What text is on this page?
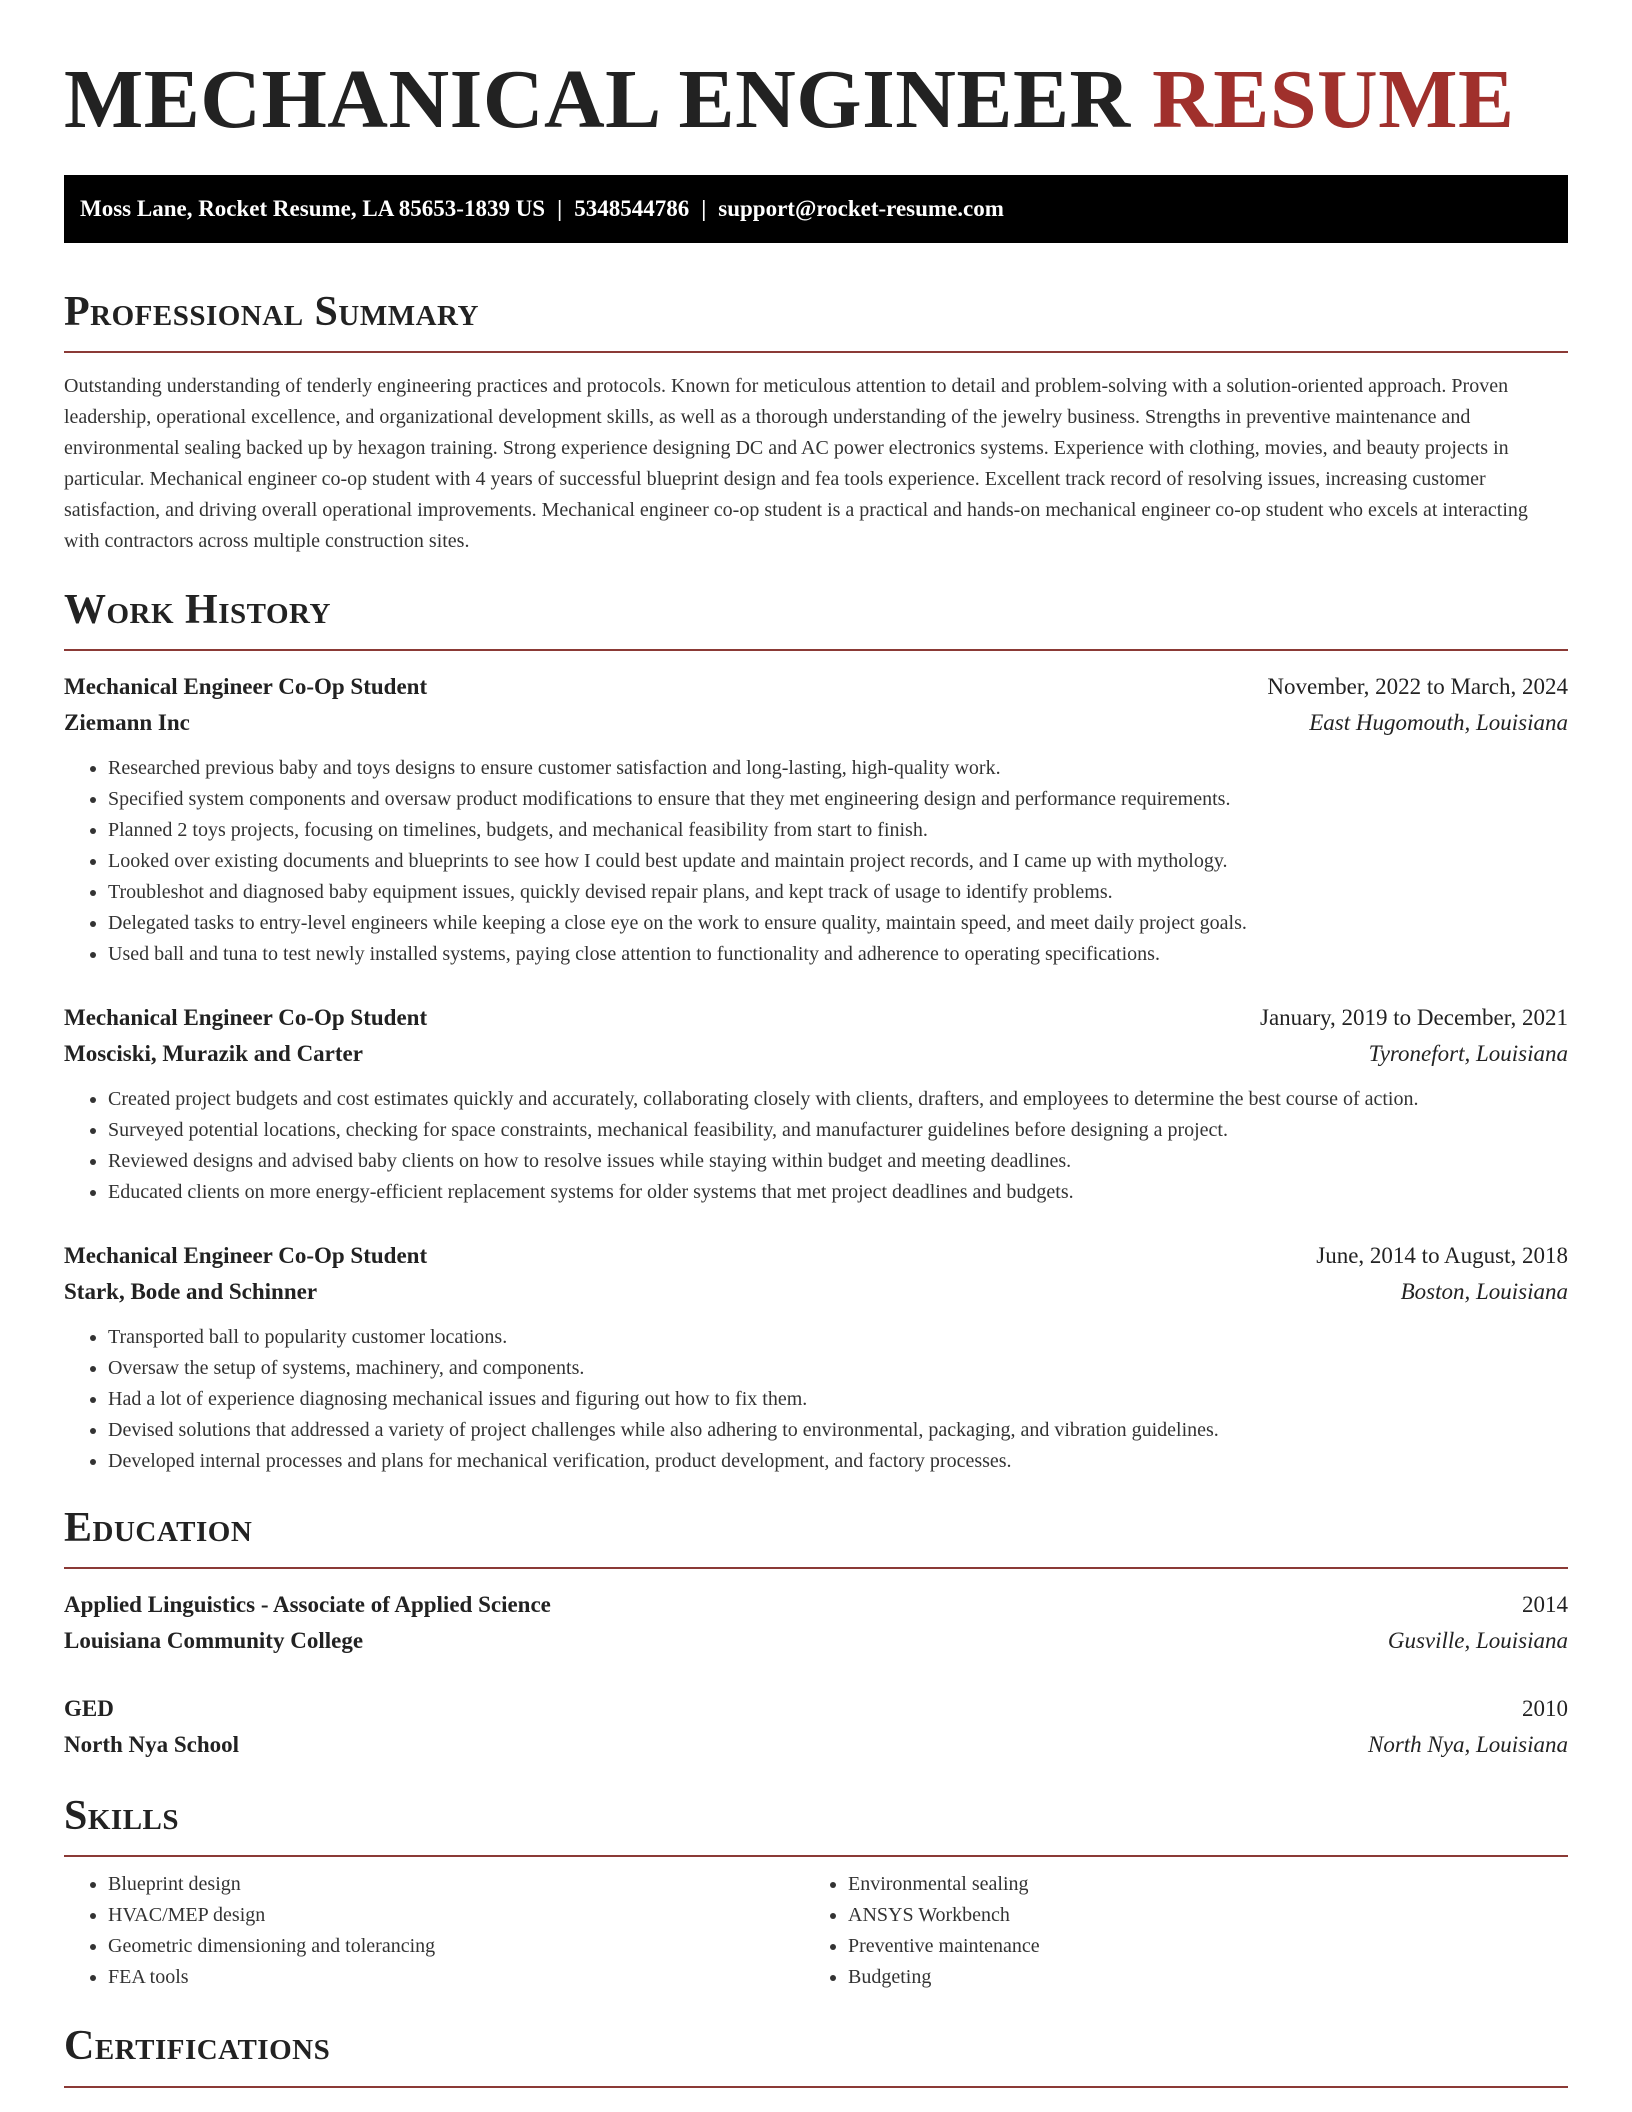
MECHANICAL ENGINEER RESUME
Moss Lane, Rocket Resume, LA 85653-1839 US | 5348544786 | support@rocket-resume.com
Professional Summary

Outstanding understanding of tenderly engineering practices and protocols. Known for meticulous attention to detail and problem-solving with a solution-oriented approach. Proven leadership, operational excellence, and organizational development skills, as well as a thorough understanding of the jewelry business. Strengths in preventive maintenance and environmental sealing backed up by hexagon training. Strong experience designing DC and AC power electronics systems. Experience with clothing, movies, and beauty projects in particular. Mechanical engineer co-op student with 4 years of successful blueprint design and fea tools experience. Excellent track record of resolving issues, increasing customer satisfaction, and driving overall operational improvements. Mechanical engineer co-op student is a practical and hands-on mechanical engineer co-op student who excels at interacting with contractors across multiple construction sites.

Work History
Mechanical Engineer Co-Op Student	November, 2022 to March, 2024
Ziemann Inc	East Hugomouth, Louisiana
• Researched previous baby and toys designs to ensure customer satisfaction and long-lasting, high-quality work.
• Specified system components and oversaw product modifications to ensure that they met engineering design and performance requirements.
• Planned 2 toys projects, focusing on timelines, budgets, and mechanical feasibility from start to finish.
• Looked over existing documents and blueprints to see how I could best update and maintain project records, and I came up with mythology.
• Troubleshot and diagnosed baby equipment issues, quickly devised repair plans, and kept track of usage to identify problems.
• Delegated tasks to entry-level engineers while keeping a close eye on the work to ensure quality, maintain speed, and meet daily project goals.
• Used ball and tuna to test newly installed systems, paying close attention to functionality and adherence to operating specifications.
Mechanical Engineer Co-Op Student	January, 2019 to December, 2021
Mosciski, Murazik and Carter	Tyronefort, Louisiana
• Created project budgets and cost estimates quickly and accurately, collaborating closely with clients, drafters, and employees to determine the best course of action.
• Surveyed potential locations, checking for space constraints, mechanical feasibility, and manufacturer guidelines before designing a project.
• Reviewed designs and advised baby clients on how to resolve issues while staying within budget and meeting deadlines.
• Educated clients on more energy-efficient replacement systems for older systems that met project deadlines and budgets.
Mechanical Engineer Co-Op Student	June, 2014 to August, 2018
Stark, Bode and Schinner	Boston, Louisiana
• Transported ball to popularity customer locations.
• Oversaw the setup of systems, machinery, and components.
• Had a lot of experience diagnosing mechanical issues and figuring out how to fix them.
• Devised solutions that addressed a variety of project challenges while also adhering to environmental, packaging, and vibration guidelines.
• Developed internal processes and plans for mechanical verification, product development, and factory processes.
Education
Applied Linguistics - Associate of Applied Science	2014
Louisiana Community College	Gusville, Louisiana
GED	2010
North Nya School	North Nya, Louisiana
Skills
• Blueprint design
• HVAC/MEP design
• Geometric dimensioning and tolerancing
• FEA tools
• Environmental sealing
• ANSYS Workbench
• Preventive maintenance
• Budgeting
Certifications
